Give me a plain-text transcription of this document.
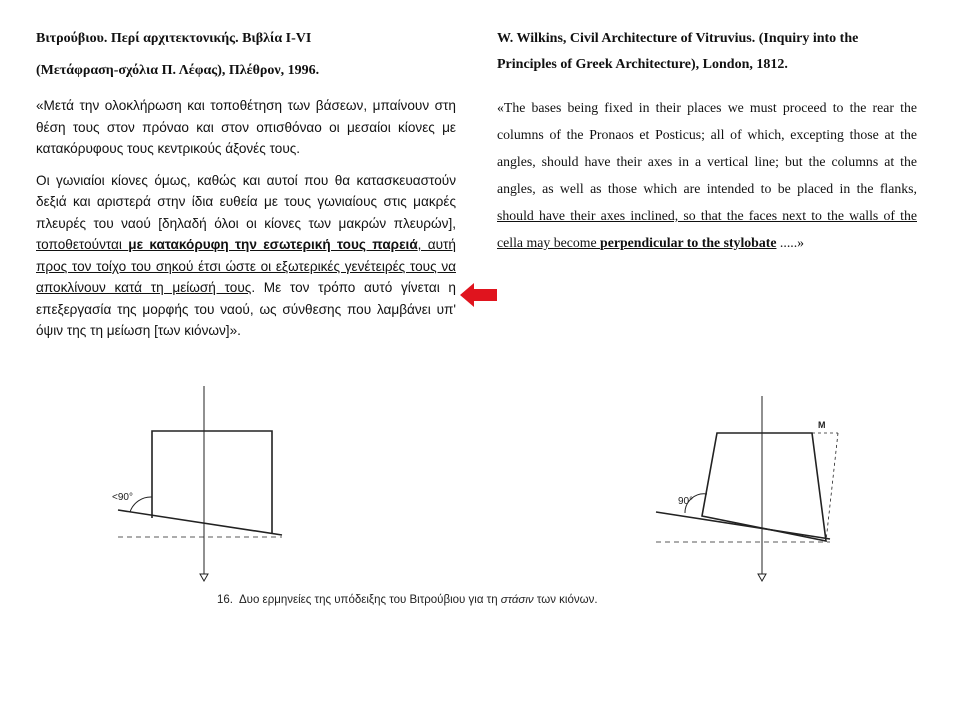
Βιτρούβιου. Περί αρχιτεκτονικής. Βιβλία I-VI
(Μετάφραση-σχόλια Π. Λέφας), Πλέθρον, 1996.

«Μετά την ολοκλήρωση και τοποθέτηση των βάσεων, μπαίνουν στη θέση τους στον πρόναο και στον οπισθόναο οι μεσαίοι κίονες με κατακόρυφους τους κεντρικούς άξονές τους.

Οι γωνιαίοι κίονες όμως, καθώς και αυτοί που θα κατασκευαστούν δεξιά και αριστερά στην ίδια ευθεία με τους γωνιαίους στις μακρές πλευρές του ναού [δηλαδή όλοι οι κίονες των μακρών πλευρών], τοποθετούνται με κατακόρυφη την εσωτερική τους παρειά, αυτή προς τον τοίχο του σηκού έτσι ώστε οι εξωτερικές γενέτειρές τους να αποκλίνουν κατά τη μείωσή τους. Με τον τρόπο αυτό γίνεται η επεξεργασία της μορφής του ναού, ως σύνθεσης που λαμβάνει υπ' όψιν της τη μείωση [των κιόνων]».

W. Wilkins, Civil Architecture of Vitruvius. (Inquiry into the Principles of Greek Architecture), London, 1812.

«The bases being fixed in their places we must proceed to the rear the columns of the Pronaos et Posticus; all of which, excepting those at the angles, should have their axes in a vertical line; but the columns at the angles, as well as those which are intended to be placed in the flanks, should have their axes inclined, so that the faces next to the walls of the cella may become perpendicular to the stylobate .....»

<90°	90°
M
16. Δυο ερμηνείες της υπόδειξης του Βιτρούβιου για τη στάσιν των κιόνων.
